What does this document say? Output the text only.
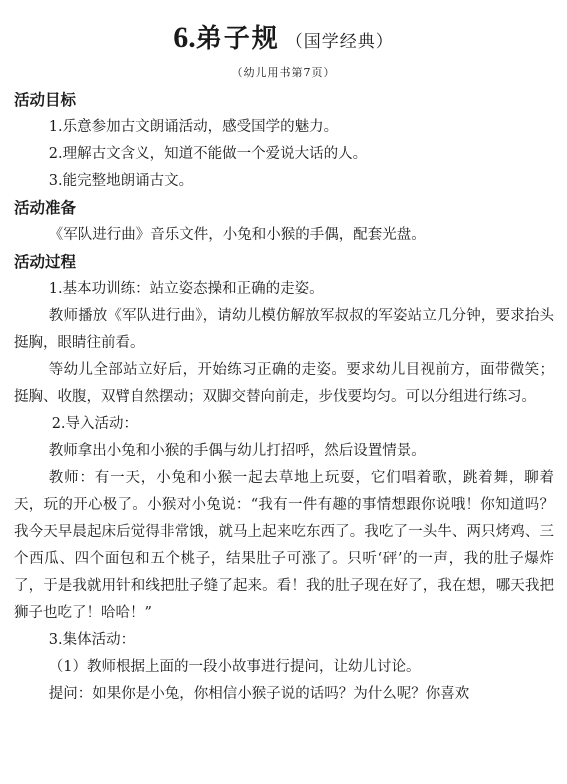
6.弟子规 （国学经典）
（幼儿用书第7页）
活动目标

1.乐意参加古文朗诵活动，感受国学的魅力。

2.理解古文含义，知道不能做一个爱说大话的人。

3.能完整地朗诵古文。

活动准备

《军队进行曲》音乐文件，小兔和小猴的手偶，配套光盘。

活动过程

1.基本功训练：站立姿态操和正确的走姿。

教师播放《军队进行曲》，请幼儿模仿解放军叔叔的军姿站立几分钟，要求抬头挺胸，眼睛往前看。

等幼儿全部站立好后，开始练习正确的走姿。要求幼儿目视前方，面带微笑；挺胸、收腹，双臂自然摆动；双脚交替向前走，步伐要均匀。可以分组进行练习。

2.导入活动：

教师拿出小兔和小猴的手偶与幼儿打招呼，然后设置情景。

教师：有一天，小兔和小猴一起去草地上玩耍，它们唱着歌，跳着舞，聊着天，玩的开心极了。小猴对小兔说：“我有一件有趣的事情想跟你说哦！你知道吗？我今天早晨起床后觉得非常饿，就马上起来吃东西了。我吃了一头牛、两只烤鸡、三个西瓜、四个面包和五个桃子，结果肚子可涨了。只听‘砰’的一声，我的肚子爆炸了，于是我就用针和线把肚子缝了起来。看！我的肚子现在好了，我在想，哪天我把狮子也吃了！哈哈！”

3.集体活动：

（1）教师根据上面的一段小故事进行提问，让幼儿讨论。

提问：如果你是小兔，你相信小猴子说的话吗？为什么呢？你喜欢
